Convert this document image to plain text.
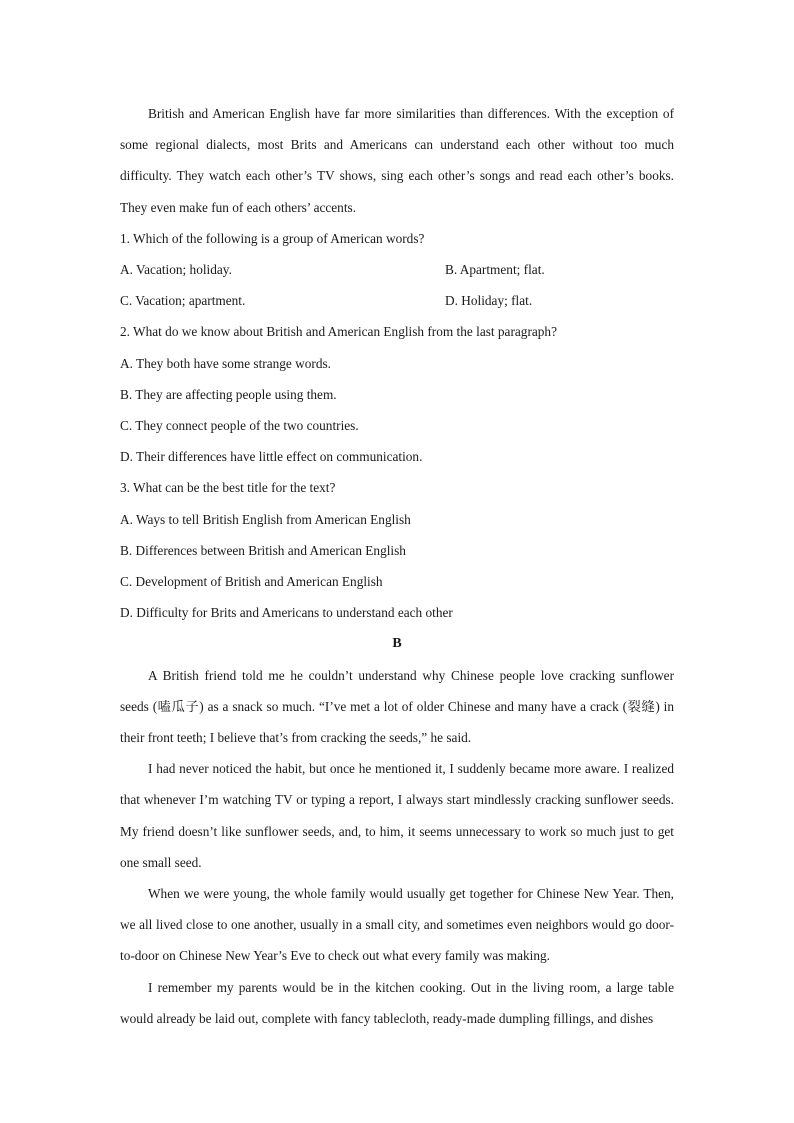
British and American English have far more similarities than differences. With the exception of some regional dialects, most Brits and Americans can understand each other without too much difficulty. They watch each other’s TV shows, sing each other’s songs and read each other’s books. They even make fun of each others’ accents.

1. Which of the following is a group of American words?

A. Vacation; holiday.	B. Apartment; flat.
C. Vacation; apartment.	D. Holiday; flat.

2. What do we know about British and American English from the last paragraph?

A. They both have some strange words.

B. They are affecting people using them.

C. They connect people of the two countries.

D. Their differences have little effect on communication.

3. What can be the best title for the text?

A. Ways to tell British English from American English

B. Differences between British and American English

C. Development of British and American English

D. Difficulty for Brits and Americans to understand each other

B

A British friend told me he couldn’t understand why Chinese people love cracking sunflower seeds (嗑瓜子) as a snack so much. “I’ve met a lot of older Chinese and many have a crack (裂缝) in their front teeth; I believe that’s from cracking the seeds,” he said.

I had never noticed the habit, but once he mentioned it, I suddenly became more aware. I realized that whenever I’m watching TV or typing a report, I always start mindlessly cracking sunflower seeds. My friend doesn’t like sunflower seeds, and, to him, it seems unnecessary to work so much just to get one small seed.

When we were young, the whole family would usually get together for Chinese New Year. Then, we all lived close to one another, usually in a small city, and sometimes even neighbors would go door-to-door on Chinese New Year’s Eve to check out what every family was making.

I remember my parents would be in the kitchen cooking. Out in the living room, a large table would already be laid out, complete with fancy tablecloth, ready-made dumpling fillings, and dishes
